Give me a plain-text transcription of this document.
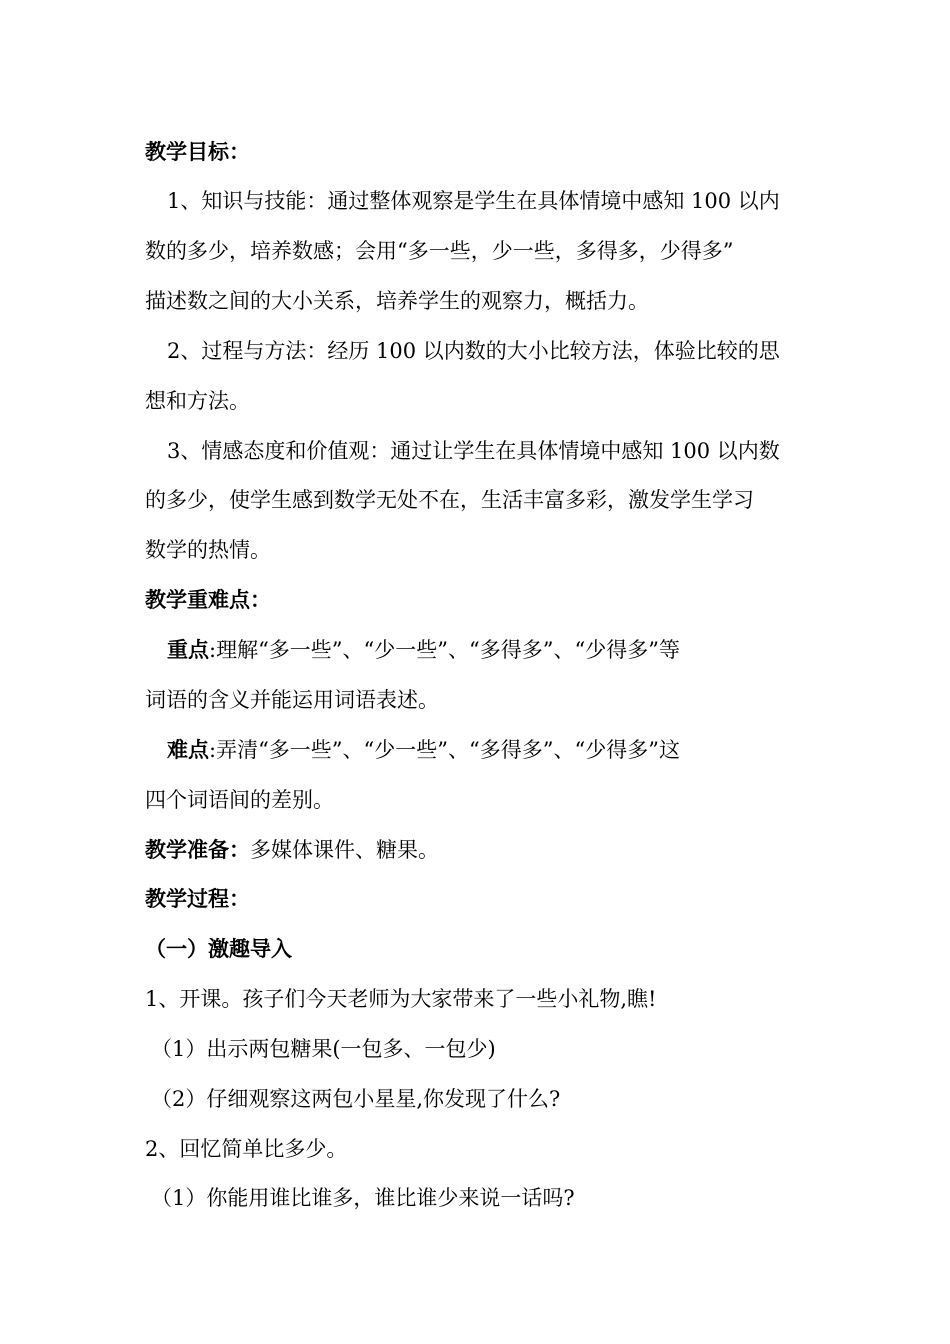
教学目标：
1、知识与技能：通过整体观察是学生在具体情境中感知 100 以内
数的多少，培养数感；会用“多一些，少一些，多得多，少得多”
描述数之间的大小关系，培养学生的观察力，概括力。
2、过程与方法：经历 100 以内数的大小比较方法，体验比较的思
想和方法。
3、情感态度和价值观：通过让学生在具体情境中感知 100 以内数
的多少，使学生感到数学无处不在，生活丰富多彩，激发学生学习
数学的热情。
教学重难点：
重点:理解“多一些”、“少一些”、“多得多”、“少得多”等
词语的含义并能运用词语表述。
难点:弄清“多一些”、“少一些”、“多得多”、“少得多”这
四个词语间的差别。
教学准备：多媒体课件、糖果。
教学过程：
（一）激趣导入
1、开课。孩子们今天老师为大家带来了一些小礼物,瞧!
（1）出示两包糖果(一包多、一包少)
（2）仔细观察这两包小星星,你发现了什么?
2、回忆简单比多少。
（1）你能用谁比谁多，谁比谁少来说一话吗?
